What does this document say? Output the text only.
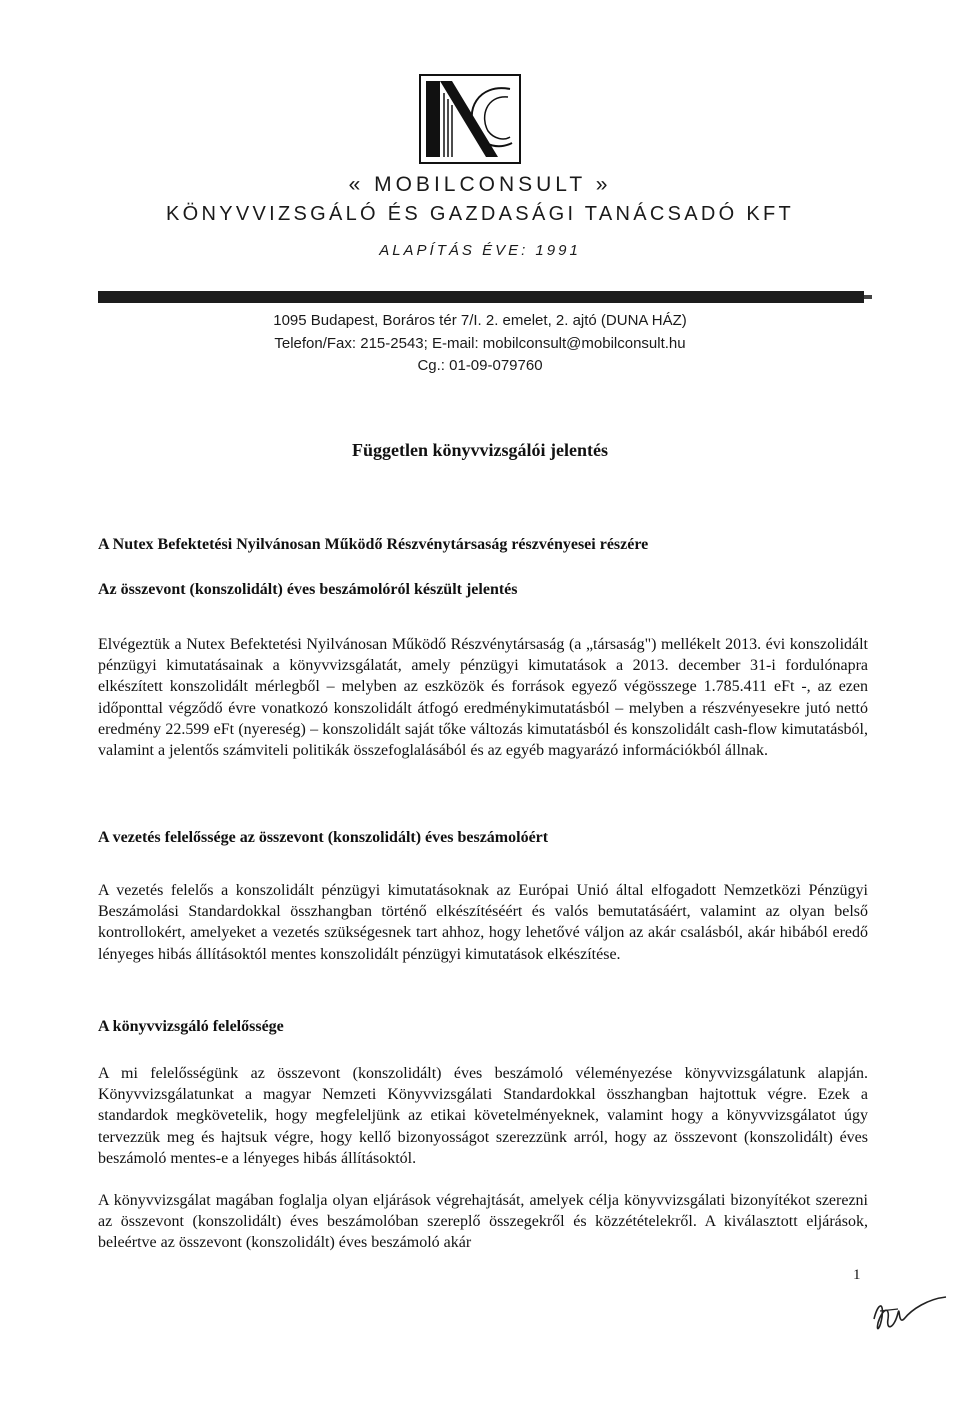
« MOBILCONSULT »
KÖNYVVIZSGÁLÓ ÉS GAZDASÁGI TANÁCSADÓ KFT
ALAPÍTÁS ÉVE: 1991
1095 Budapest, Boráros tér 7/I. 2. emelet, 2. ajtó (DUNA HÁZ)
Telefon/Fax: 215-2543; E-mail: mobilconsult@mobilconsult.hu
Cg.: 01-09-079760
Független könyvvizsgálói jelentés
A Nutex Befektetési Nyilvánosan Működő Részvénytársaság részvényesei részére
Az összevont (konszolidált) éves beszámolóról készült jelentés

Elvégeztük a Nutex Befektetési Nyilvánosan Működő Részvénytársaság (a „társaság") mellékelt 2013. évi konszolidált pénzügyi kimutatásainak a könyvvizsgálatát, amely pénzügyi kimutatások a 2013. december 31-i fordulónapra elkészített konszolidált mérlegből – melyben az eszközök és források egyező végösszege 1.785.411 eFt -, az ezen időponttal végződő évre vonatkozó konszolidált átfogó eredménykimutatásból – melyben a részvényesekre jutó nettó eredmény 22.599 eFt (nyereség) – konszolidált saját tőke változás kimutatásból és konszolidált cash-flow kimutatásból, valamint a jelentős számviteli politikák összefoglalásából és az egyéb magyarázó információkból állnak.

A vezetés felelőssége az összevont (konszolidált) éves beszámolóért

A vezetés felelős a konszolidált pénzügyi kimutatásoknak az Európai Unió által elfogadott Nemzetközi Pénzügyi Beszámolási Standardokkal összhangban történő elkészítéséért és valós bemutatásáért, valamint az olyan belső kontrollokért, amelyeket a vezetés szükségesnek tart ahhoz, hogy lehetővé váljon az akár csalásból, akár hibából eredő lényeges hibás állításoktól mentes konszolidált pénzügyi kimutatások elkészítése.

A könyvvizsgáló felelőssége

A mi felelősségünk az összevont (konszolidált) éves beszámoló véleményezése könyvvizsgálatunk alapján. Könyvvizsgálatunkat a magyar Nemzeti Könyvvizsgálati Standardokkal összhangban hajtottuk végre. Ezek a standardok megkövetelik, hogy megfeleljünk az etikai követelményeknek, valamint hogy a könyvvizsgálatot úgy tervezzük meg és hajtsuk végre, hogy kellő bizonyosságot szerezzünk arról, hogy az összevont (konszolidált) éves beszámoló mentes-e a lényeges hibás állításoktól.

A könyvvizsgálat magában foglalja olyan eljárások végrehajtását, amelyek célja könyvvizsgálati bizonyítékot szerezni az összevont (konszolidált) éves beszámolóban szereplő összegekről és közzétételekről. A kiválasztott eljárások, beleértve az összevont (konszolidált) éves beszámoló akár

1
